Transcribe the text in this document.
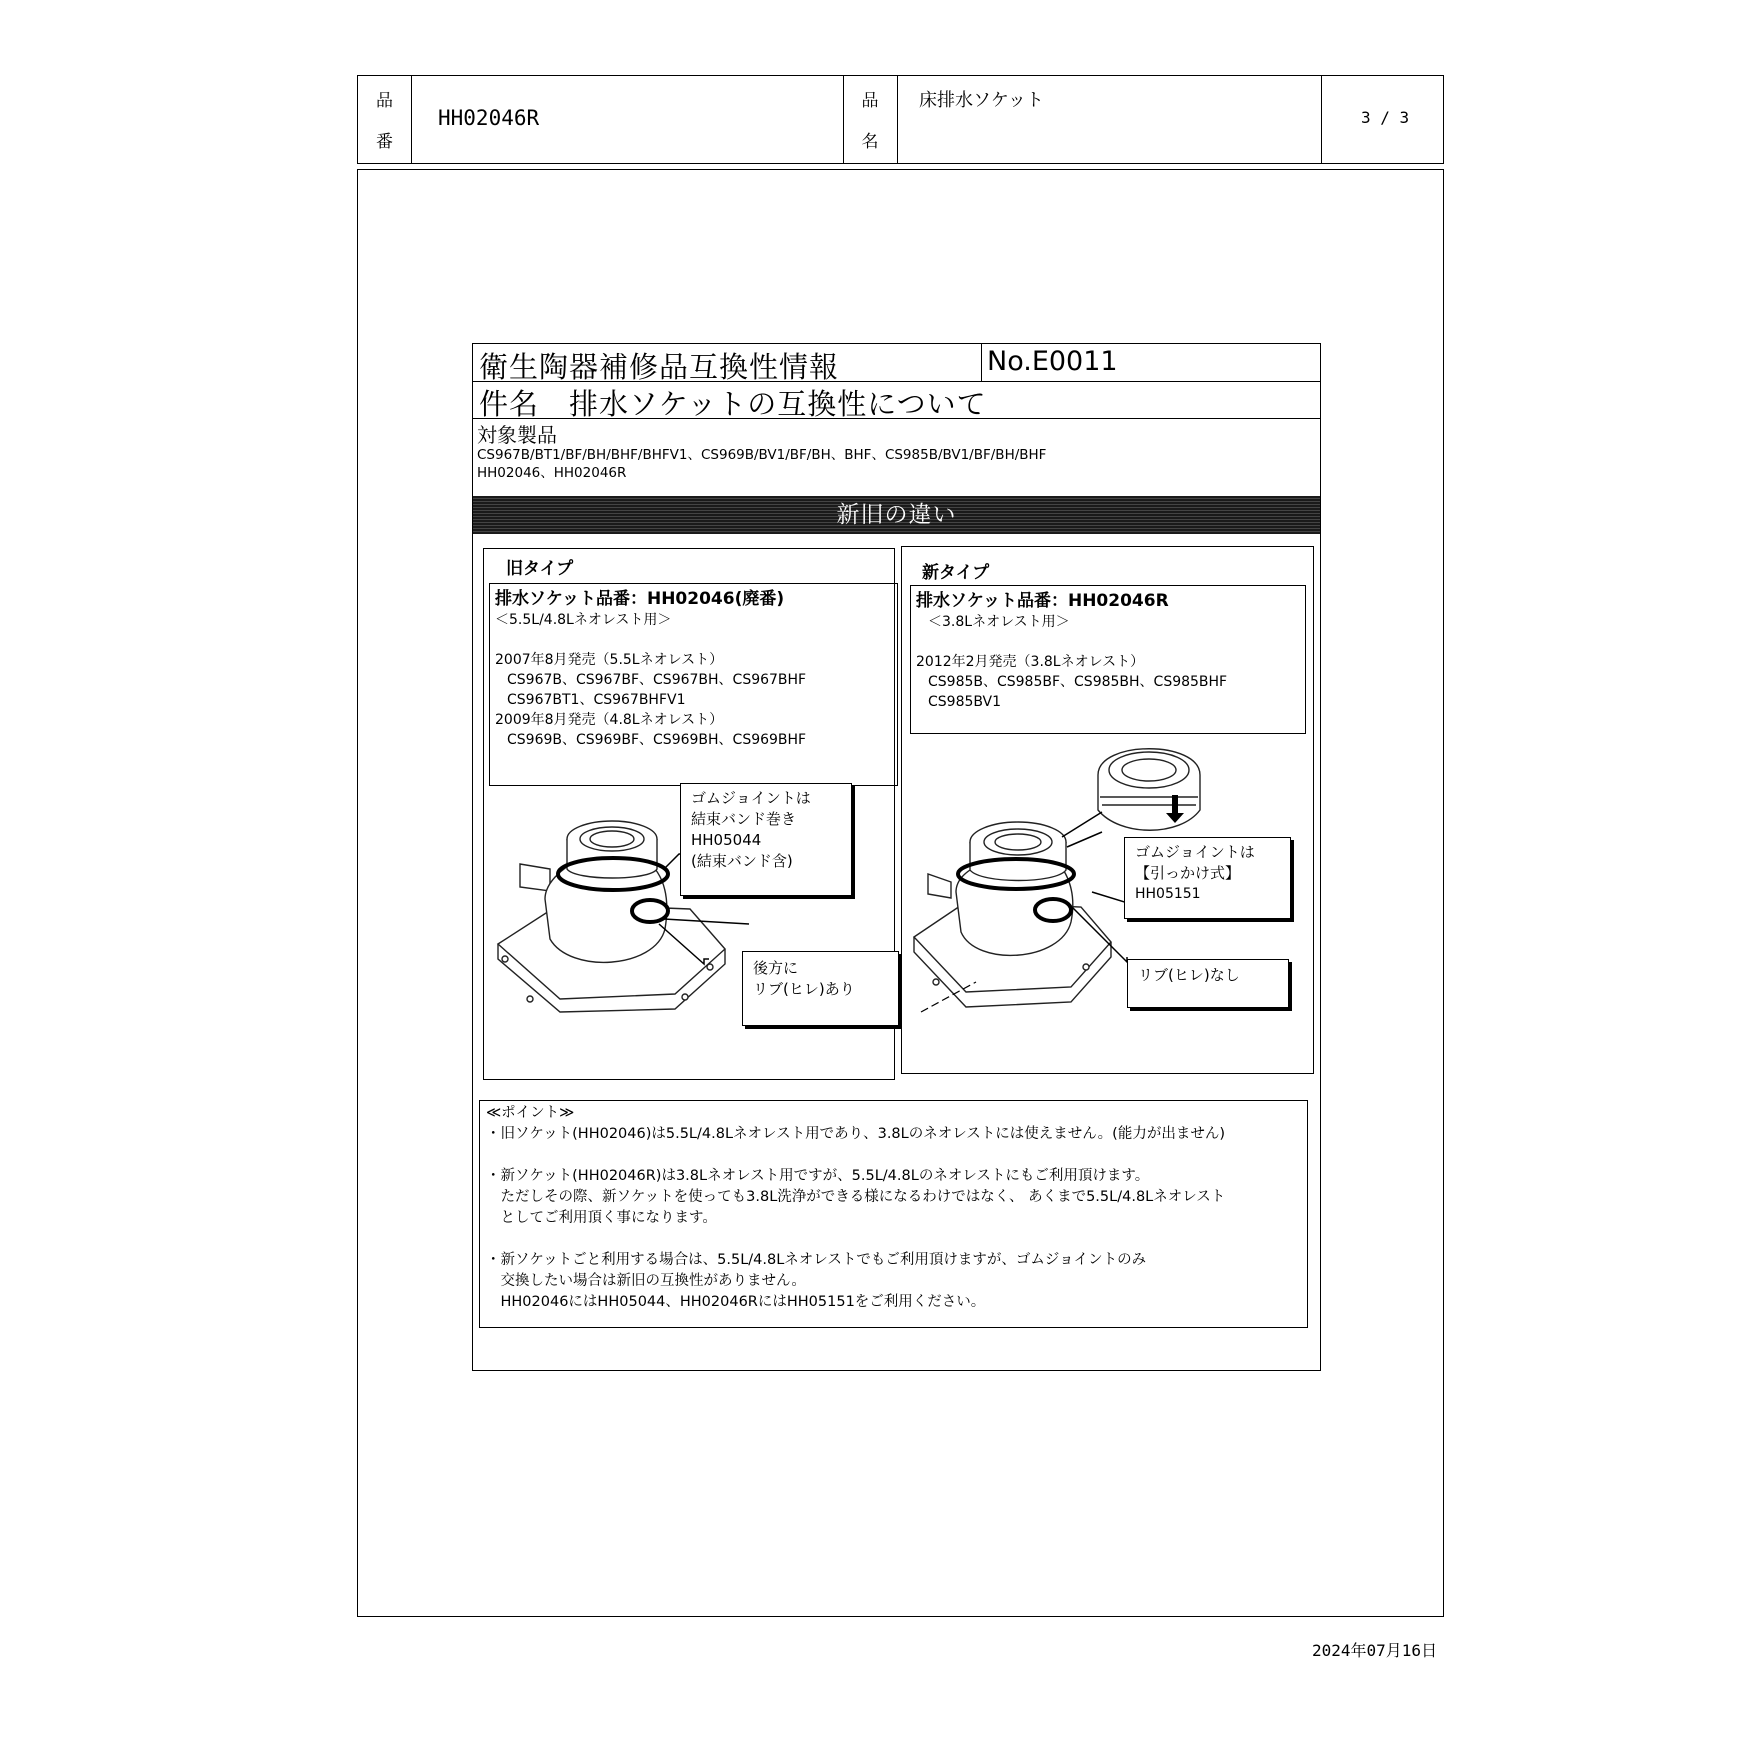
品
番
HH02046R
品
名
床排水ソケット
3 / 3
衛生陶器補修品互換性情報	No.E0011
件名　排水ソケットの互換性について
対象製品
CS967B/BT1/BF/BH/BHF/BHFV1、CS969B/BV1/BF/BH、BHF、CS985B/BV1/BF/BH/BHF
HH02046、HH02046R
新旧の違い
旧タイプ
排水ソケット品番：HH02046(廃番)
＜5.5L/4.8Lネオレスト用＞
2007年8月発売（5.5Lネオレスト）
CS967B、CS967BF、CS967BH、CS967BHF
CS967BT1、CS967BHFV1
2009年8月発売（4.8Lネオレスト）
CS969B、CS969BF、CS969BH、CS969BHF
ゴムジョイントは
結束バンド巻き
HH05044
(結束バンド含)
後方に
リブ(ヒレ)あり
新タイプ
排水ソケット品番：HH02046R
＜3.8Lネオレスト用＞
2012年2月発売（3.8Lネオレスト）
CS985B、CS985BF、CS985BH、CS985BHF
CS985BV1
ゴムジョイントは
【引っかけ式】
HH05151
リブ(ヒレ)なし
≪ポイント≫
・旧ソケット(HH02046)は5.5L/4.8Lネオレスト用であり、3.8Lのネオレストには使えません。(能力が出ません)
・新ソケット(HH02046R)は3.8Lネオレスト用ですが、5.5L/4.8Lのネオレストにもご利用頂けます。
　ただしその際、新ソケットを使っても3.8L洗浄ができる様になるわけではなく、 あくまで5.5L/4.8Lネオレスト
　としてご利用頂く事になります。
・新ソケットごと利用する場合は、5.5L/4.8Lネオレストでもご利用頂けますが、ゴムジョイントのみ
　交換したい場合は新旧の互換性がありません。
　HH02046にはHH05044、HH02046RにはHH05151をご利用ください。
2024年07月16日
